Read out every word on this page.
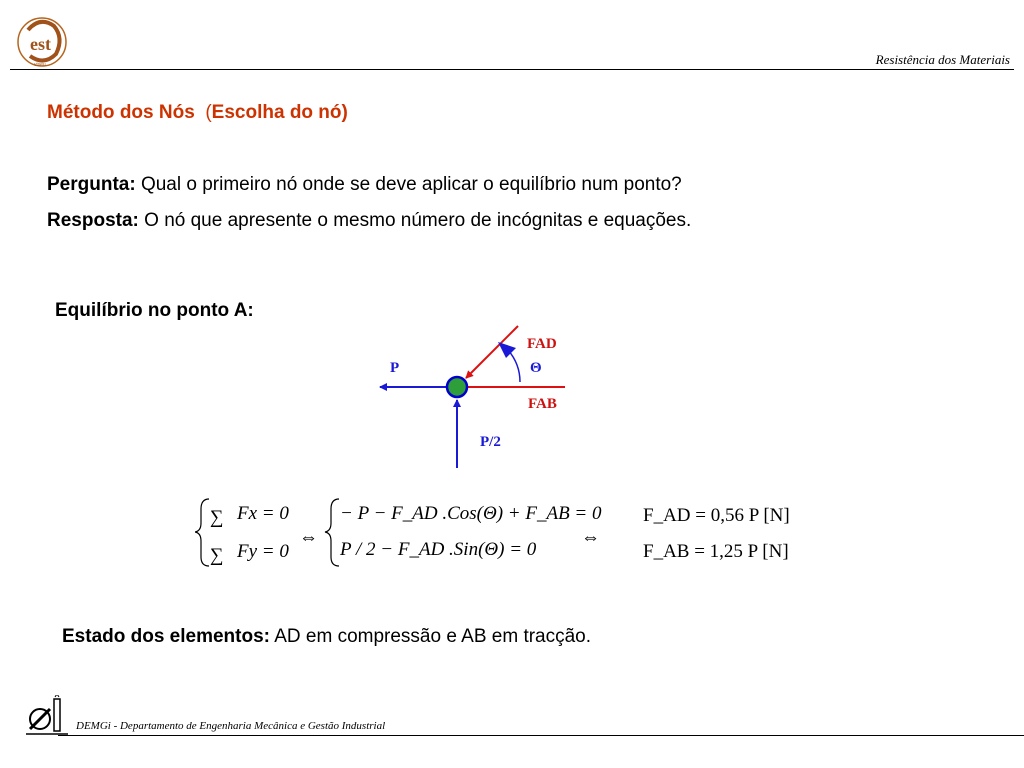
est
viseu	Resistência dos Materiais
Método dos Nós (Escolha do nó)
Pergunta: Qual o primeiro nó onde se deve aplicar o equilíbrio num ponto?
Resposta: O nó que apresente o mesmo número de incógnitas e equações.
Equilíbrio no ponto A:
P
FAD
Θ
FAB
P/2
∑
∑
Fx = 0
Fy = 0
⇔
− P − F_AD .Cos(Θ) + F_AB = 0
P / 2 − F_AD .Sin(Θ) = 0
⇔
F_AD = 0,56 P [N]
F_AB = 1,25 P [N]
Estado dos elementos: AD em compressão e AB em tracção.
DEMGi - Departamento de Engenharia Mecânica e Gestão Industrial
